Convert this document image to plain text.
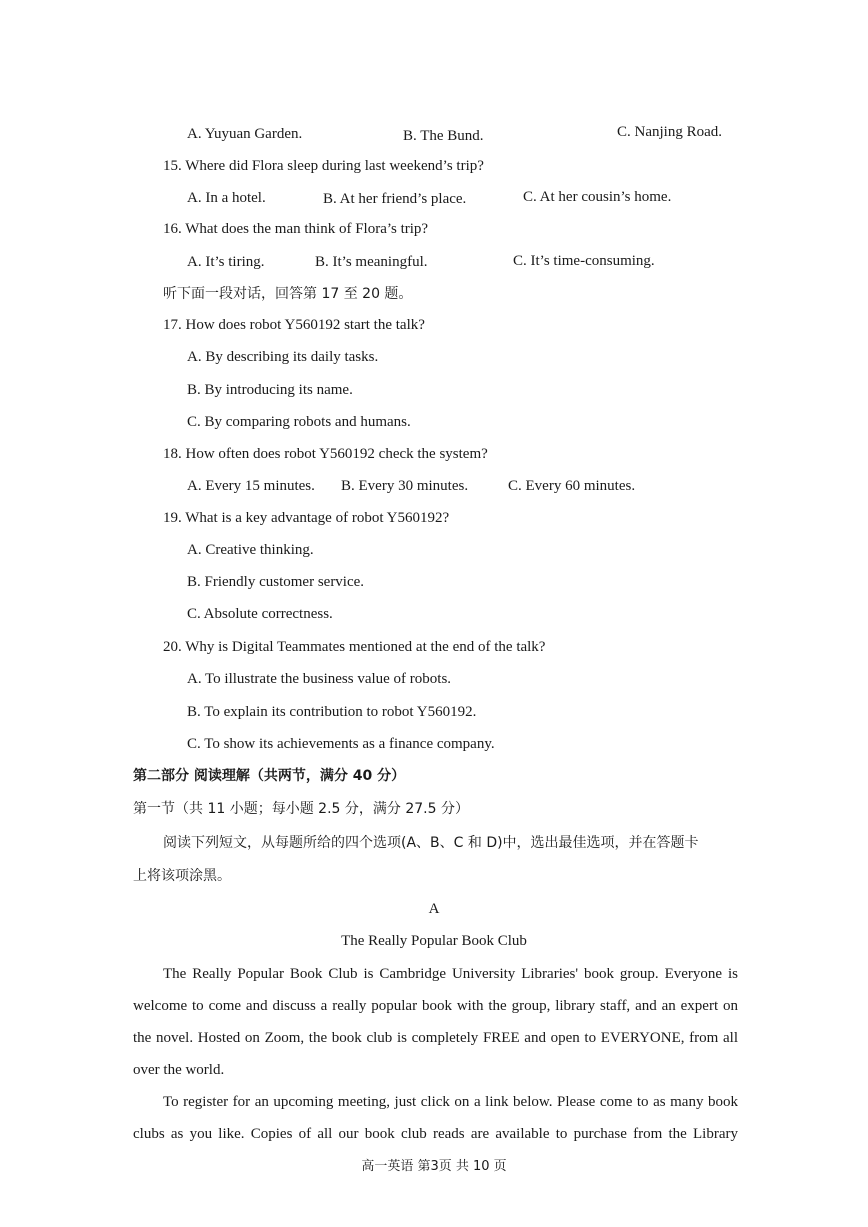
A. Yuyuan Garden.	B. The Bund.	C. Nanjing Road.
15. Where did Flora sleep during last weekend’s trip?
A. In a hotel.	B. At her friend’s place.	C. At her cousin’s home.
16. What does the man think of Flora’s trip?
A. It’s tiring.	B. It’s meaningful.	C. It’s time-consuming.
听下面一段对话，回答第 17 至 20 题。
17. How does robot Y560192 start the talk?
A. By describing its daily tasks.
B. By introducing its name.
C. By comparing robots and humans.
18. How often does robot Y560192 check the system?
A. Every 15 minutes. B. Every 30 minutes.	C. Every 60 minutes.
19. What is a key advantage of robot Y560192?
A. Creative thinking.
B. Friendly customer service.
C. Absolute correctness.
20. Why is Digital Teammates mentioned at the end of the talk?
A. To illustrate the business value of robots.
B. To explain its contribution to robot Y560192.
C. To show its achievements as a finance company.
第二部分 阅读理解（共两节，满分 40 分）
第一节（共 11 小题；每小题 2.5 分，满分 27.5 分）
阅读下列短文，从每题所给的四个选项(A、B、C 和 D)中，选出最佳选项，并在答题卡
上将该项涂黑。
A
The Really Popular Book Club
The Really Popular Book Club is Cambridge University Libraries' book group. Everyone is
welcome to come and discuss a really popular book with the group, library staff, and an expert on
the novel. Hosted on Zoom, the book club is completely FREE and open to EVERYONE, from all
over the world.
To register for an upcoming meeting, just click on a link below. Please come to as many book
clubs as you like. Copies of all our book club reads are available to purchase from the Library
高一英语 第3页 共 10 页
